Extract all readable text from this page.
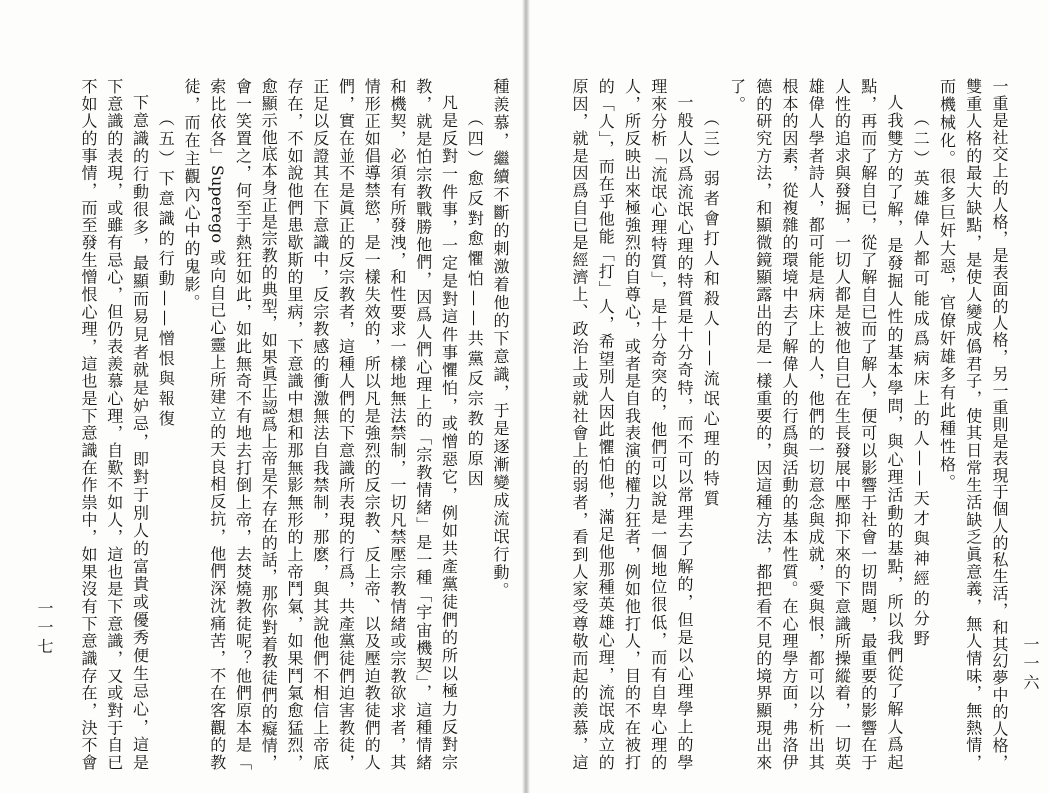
一重是社交上的人格，是表面的人格，另一重則是表現于個人的私生活，和其幻夢中的人格，
雙重人格的最大缺點，是使人變成僞君子，使其日常生活缺乏眞意義，無人情味，無熱情，
而機械化。很多巨奸大惡，官僚奸雄多有此種性格。
（二）英雄偉人都可能成爲病床上的人——天才與神經的分野
人我雙方的了解，是發掘人性的基本學問，與心理活動的基點，所以我們從了解人爲起
點，再而了解自已，從了解自已而了解人，便可以影響于社會一切問題，最重要的影響在于
人性的追求與發掘，一切人都是被他自已在生長發展中壓抑下來的下意識所操縱着，一切英
雄偉人學者詩人，都可能是病床上的人，他們的一切意念與成就，愛與恨，都可以分析出其
根本的因素，從複雜的環境中去了解偉人的行爲與活動的基本性質。在心理學方面，弗洛伊
德的研究方法，和顯微鏡顯露出的是一樣重要的，因這種方法，都把看不見的境界顯現出來
了。
（三）弱者會打人和殺人——流氓心理的特質
一般人以爲流氓心理的特質是十分奇特，而不可以常理去了解的，但是以心理學上的學
理來分析「流氓心理特質」，是十分奇突的，他們可以說是一個地位很低，而有自卑心理的
人，所反映出來極強烈的自尊心，或者是自我表演的權力狂者，例如他打人，目的不在被打
的「人」，而在乎他能「打」人，希望別人因此懼怕他，滿足他那種英雄心理，流氓成立的
原因，就是因爲自已是經濟上、政治上或就社會上的弱者，看到人家受尊敬而起的羨慕，這	一一六
種羨慕，繼續不斷的刺激着他的下意識，于是逐漸變成流氓行動。
（四）愈反對愈懼怕——共黨反宗教的原因
凡是反對一件事，一定是對這件事懼怕，或憎惡它，例如共產黨徒們的所以極力反對宗
教，就是怕宗教戰勝他們，因爲人們心理上的「宗教情緒」是一種「宇宙機契」，這種情緒
和機契，必須有所發洩，和性要求一樣地無法禁制，一切凡禁壓宗教情緒或宗教欲求者，其
情形正如倡導禁慾，是一樣失效的，所以凡是強烈的反宗教、反上帝、以及壓迫教徒們的人
們，實在並不是眞正的反宗教者，這種人們的下意識所表現的行爲，共產黨徒們迫害教徒，
正足以反證其在下意識中，反宗教感的衝激無法自我禁制，那麽，與其說他們不相信上帝底
存在，不如說他們患歇斯的里病，下意識中想和那無影無形的上帝鬥氣，如果鬥氣愈猛烈，
愈顯示他底本身正是宗教的典型，如果眞正認爲上帝是不存在的話，那你對着教徒們的癡情，
會一笑置之，何至于熱狂如此，如此無奇不有地去打倒上帝，去焚燒教徒呢？他們原本是「
索比依各」Superego 或向自已心靈上所建立的天良相反抗，他們深沈痛苦，不在客觀的教
徒，而在主觀內心中的鬼影。
（五）下意識的行動——憎恨與報復
下意識的行動很多，最顯而易見者就是妒忌，即對于別人的富貴或優秀便生忌心，這是
下意識的表現，或雖有忌心，但仍表羨慕心理，自歎不如人，這也是下意識，又或對于自已
不如人的事情，而至發生憎恨心理，這也是下意識在作祟中，如果沒有下意識存在，決不會
一一七
